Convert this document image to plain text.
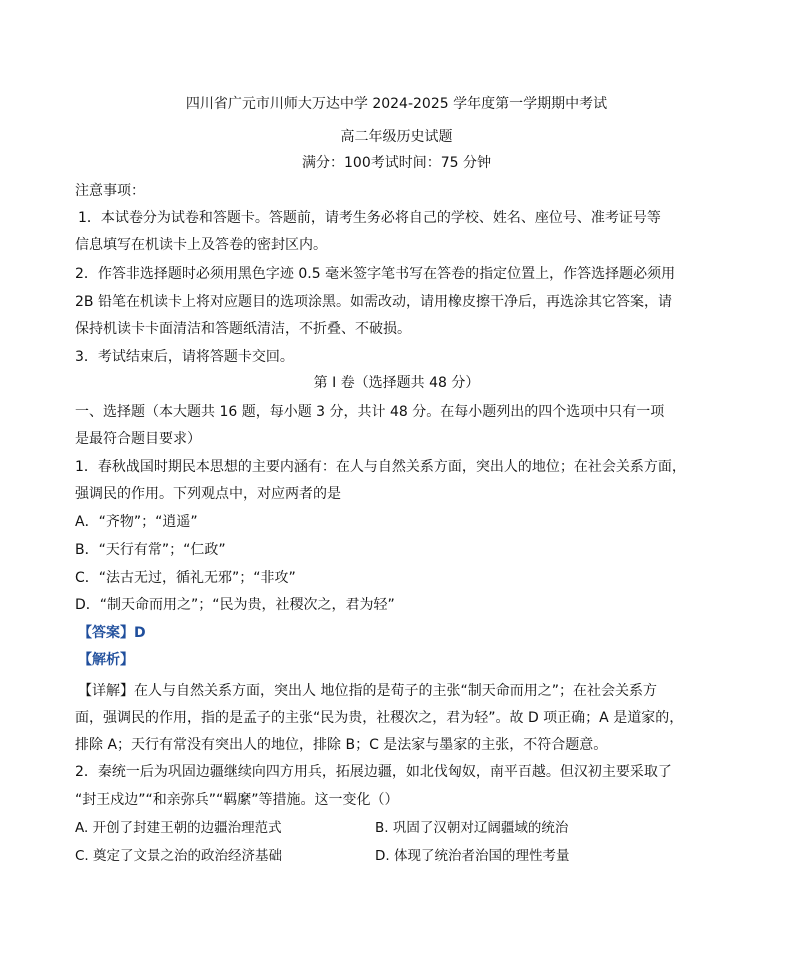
四川省广元市川师大万达中学 2024-2025 学年度第一学期期中考试
高二年级历史试题
满分：100考试时间：75 分钟
注意事项：
1．本试卷分为试卷和答题卡。答题前，请考生务必将自己的学校、姓名、座位号、准考证号等
信息填写在机读卡上及答卷的密封区内。
2．作答非选择题时必须用黑色字迹 0.5 毫米签字笔书写在答卷的指定位置上，作答选择题必须用
2B 铅笔在机读卡上将对应题目的选项涂黑。如需改动，请用橡皮擦干净后，再选涂其它答案，请
保持机读卡卡面清洁和答题纸清洁，不折叠、不破损。
3．考试结束后，请将答题卡交回。
第 I 卷（选择题共 48 分）
一、选择题（本大题共 16 题，每小题 3 分，共计 48 分。在每小题列出的四个选项中只有一项
是最符合题目要求）
1．春秋战国时期民本思想的主要内涵有：在人与自然关系方面，突出人的地位；在社会关系方面，
强调民的作用。下列观点中，对应两者的是
A．“齐物”；“逍遥”
B．“天行有常”；“仁政”
C．“法古无过，循礼无邪”；“非攻”
D．“制天命而用之”；“民为贵，社稷次之，君为轻”
【答案】D
【解析】
【详解】在人与自然关系方面，突出人 地位指的是荀子的主张“制天命而用之”；在社会关系方
面，强调民的作用，指的是孟子的主张“民为贵，社稷次之，君为轻”。故 D 项正确；A 是道家的，
排除 A；天行有常没有突出人的地位，排除 B；C 是法家与墨家的主张，不符合题意。
2．秦统一后为巩固边疆继续向四方用兵，拓展边疆，如北伐匈奴，南平百越。但汉初主要采取了
“封王戍边”“和亲弥兵”“羁縻”等措施。这一变化（）
A. 开创了封建王朝的边疆治理范式	B. 巩固了汉朝对辽阔疆域的统治
C. 奠定了文景之治的政治经济基础	D. 体现了统治者治国的理性考量
